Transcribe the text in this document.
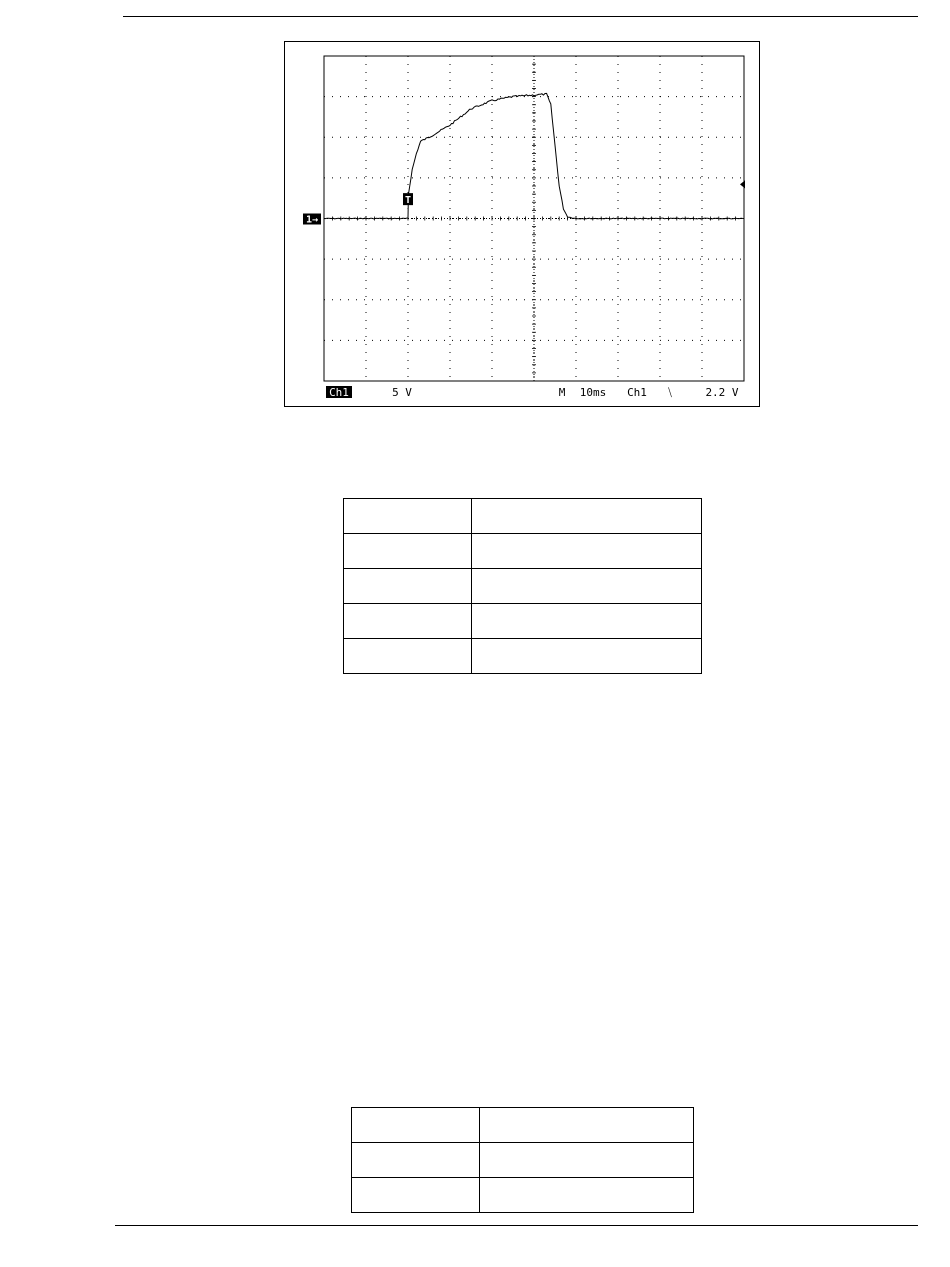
1→
T
Ch1	5 V	M 10ms Ch1 ⧹	2.2 V
